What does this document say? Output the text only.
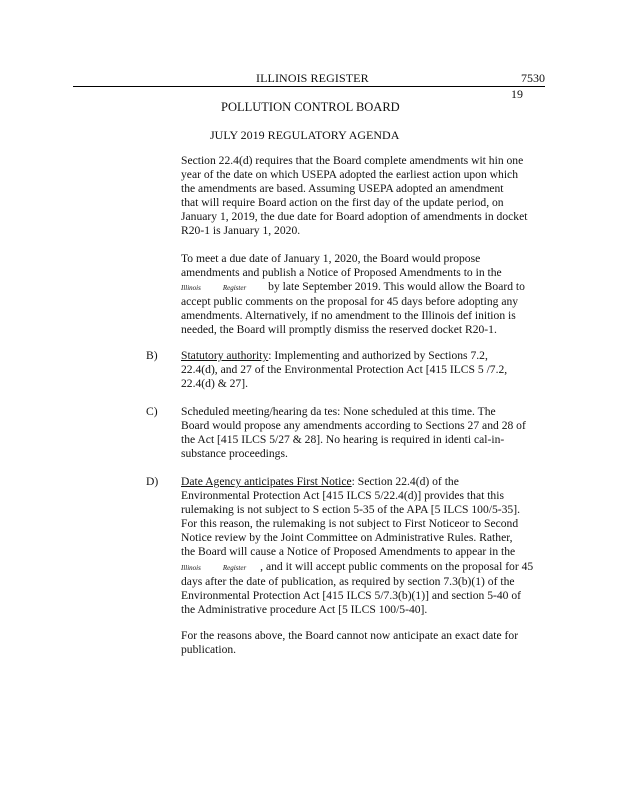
ILLINOIS REGISTER	7530
19
POLLUTION CONTROL BOARD
JULY 2019 REGULATORY AGENDA
Section 22.4(d) requires that the Board complete amendments wit hin one
year of the date on which USEPA adopted the earliest action upon which
the amendments are based. Assuming USEPA adopted an amendment
that will require Board action on the first day of the update period, on
January 1, 2019, the due date for Board adoption of amendments in docket
R20-1 is January 1, 2020.
To meet a due date of January 1, 2020, the Board would propose
amendments and publish a Notice of Proposed Amendments to in the
Illinois	Register by late September 2019. This would allow the Board to
accept public comments on the proposal for 45 days before adopting any
amendments. Alternatively, if no amendment to the Illinois def inition is
needed, the Board will promptly dismiss the reserved docket R20-1.
B) Statutory authority: Implementing and authorized by Sections 7.2,
22.4(d), and 27 of the Environmental Protection Act [415 ILCS 5 /7.2,
22.4(d) & 27].
C) Scheduled meeting/hearing da tes: None scheduled at this time. The
Board would propose any amendments according to Sections 27 and 28 of
the Act [415 ILCS 5/27 & 28]. No hearing is required in identi cal-in-
substance proceedings.
D) Date Agency anticipates First Notice: Section 22.4(d) of the
Environmental Protection Act [415 ILCS 5/22.4(d)] provides that this
rulemaking is not subject to S ection 5-35 of the APA [5 ILCS 100/5-35].
For this reason, the rulemaking is not subject to First Noticeor to Second
Notice review by the Joint Committee on Administrative Rules. Rather,
the Board will cause a Notice of Proposed Amendments to appear in the
Illinois	Register , and it will accept public comments on the proposal for 45
days after the date of publication, as required by section 7.3(b)(1) of the
Environmental Protection Act [415 ILCS 5/7.3(b)(1)] and section 5-40 of
the Administrative procedure Act [5 ILCS 100/5-40].
For the reasons above, the Board cannot now anticipate an exact date for
publication.
